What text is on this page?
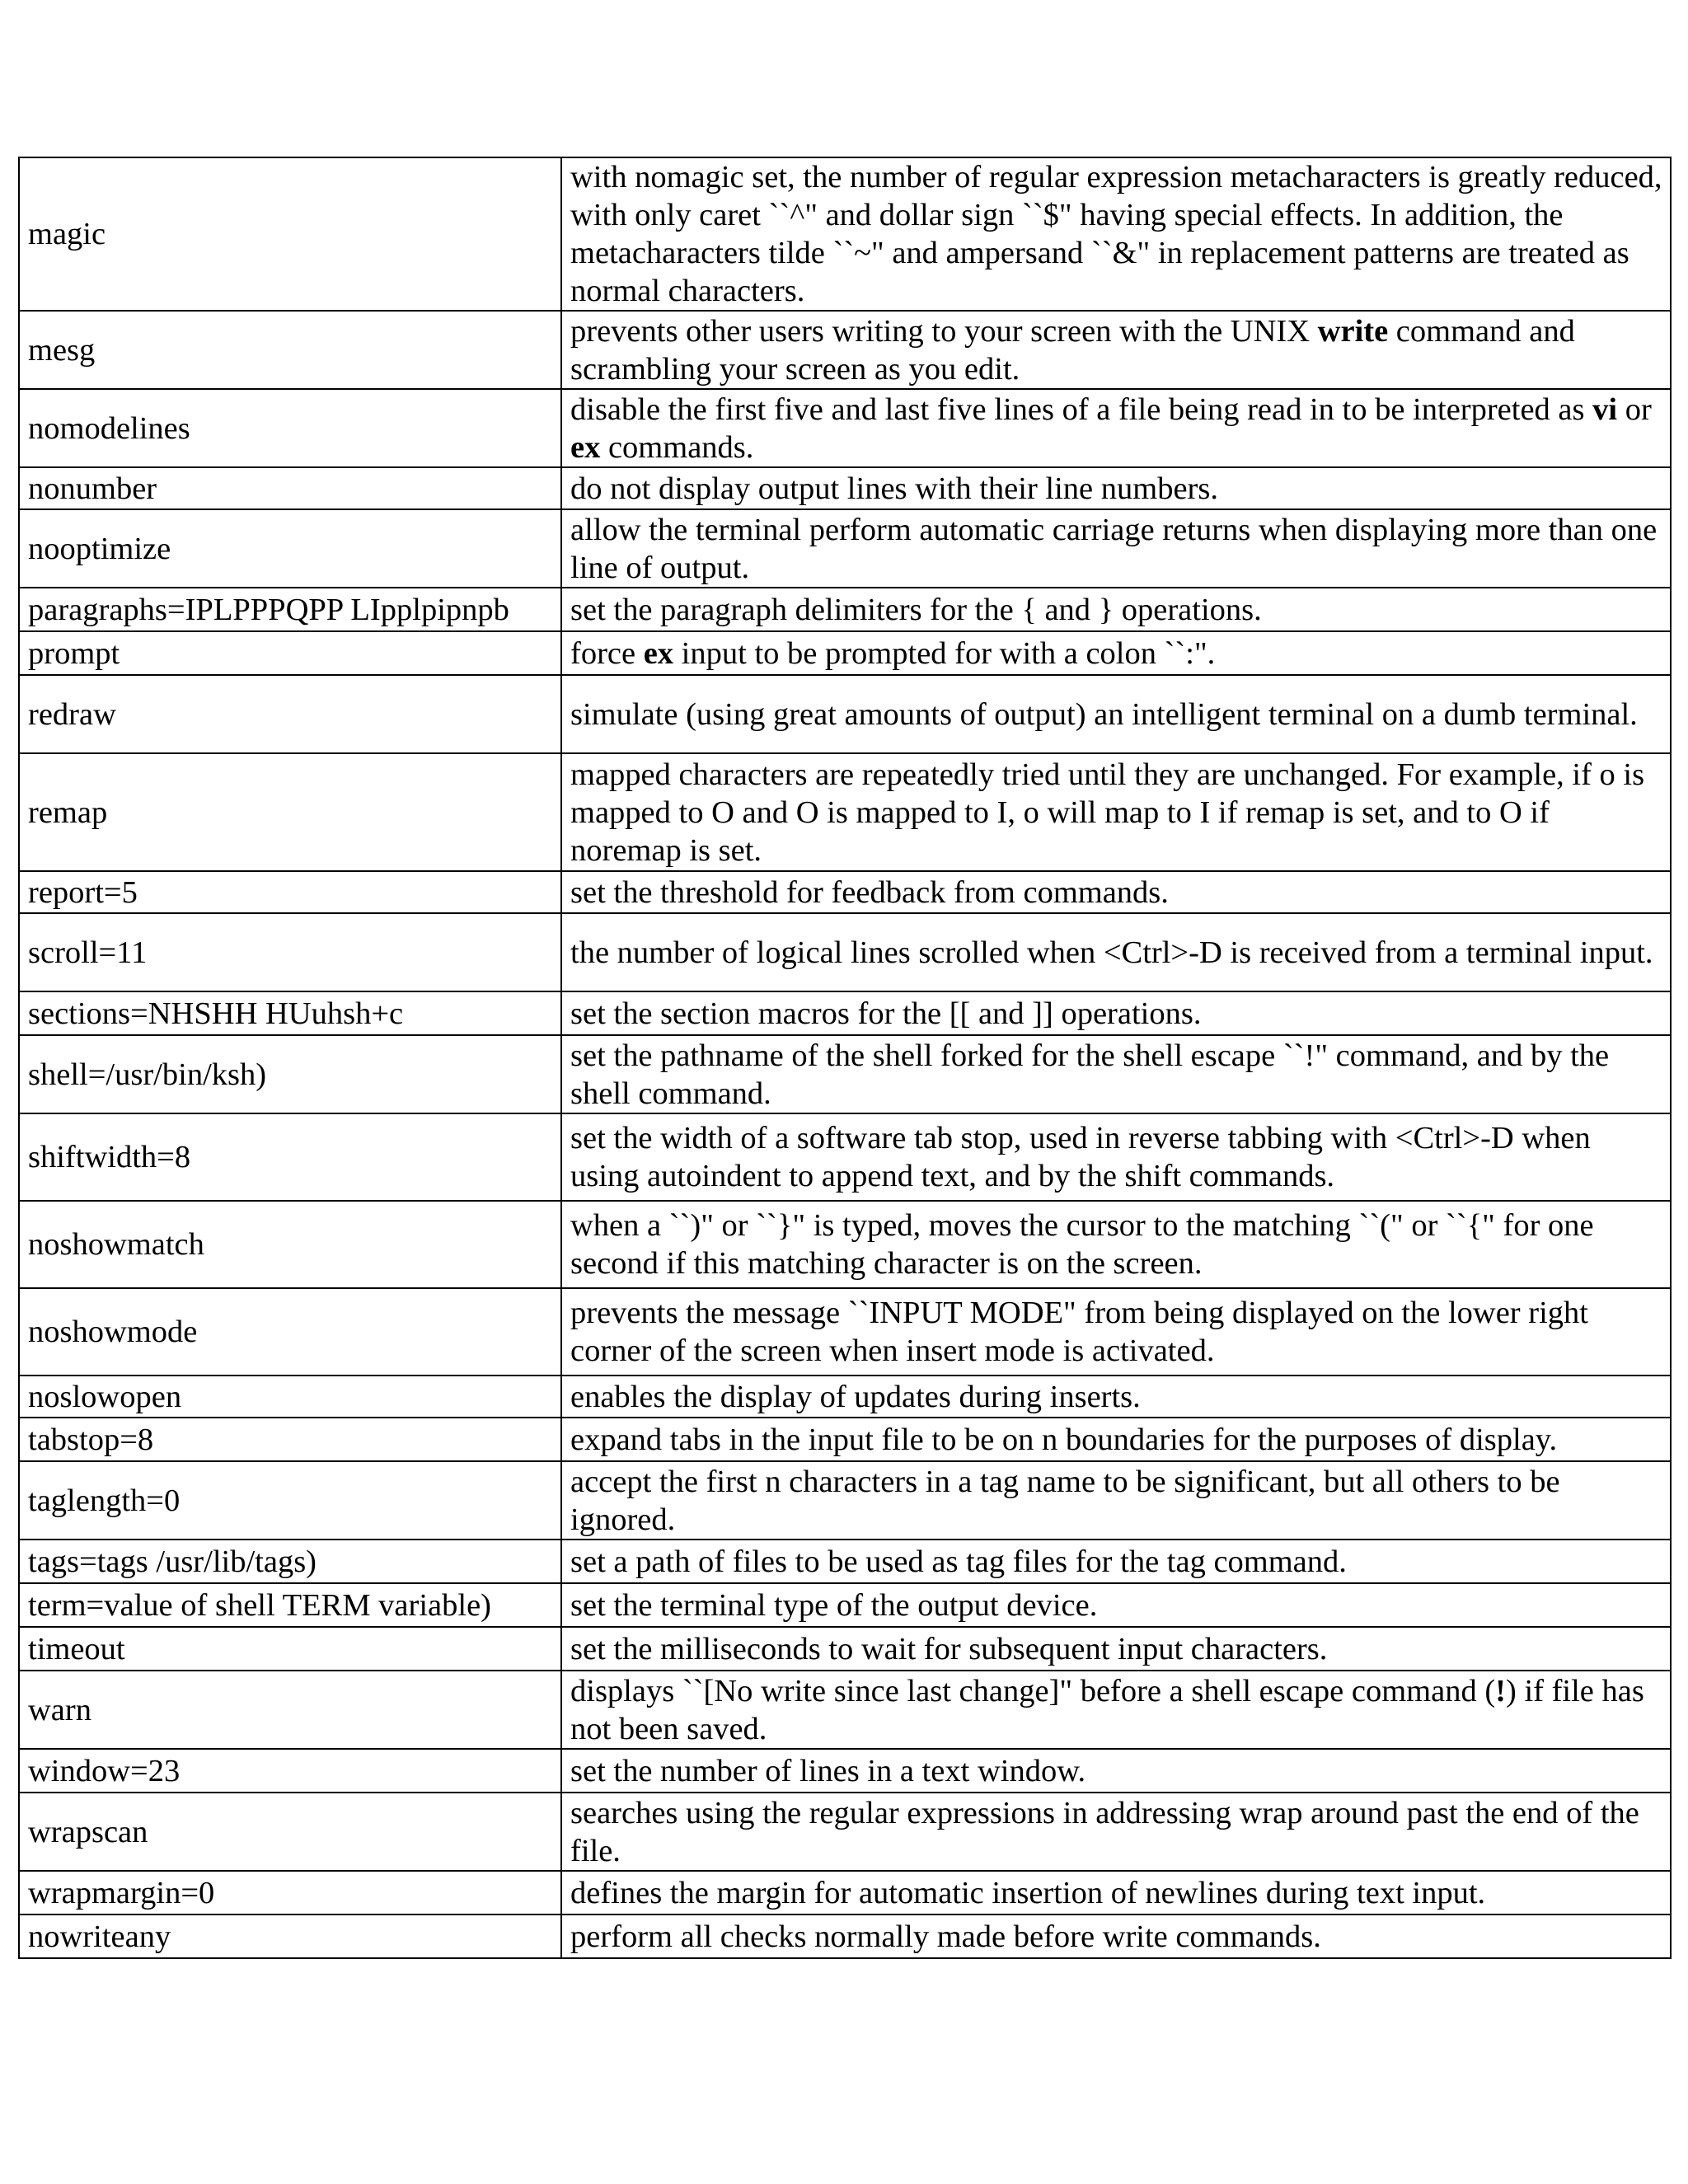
magic	with nomagic set, the number of regular expression metacharacters is greatly reduced, with only caret ``^" and dollar sign ``$" having special effects. In addition, the metacharacters tilde ``~" and ampersand ``&" in replacement patterns are treated as normal characters.
mesg	prevents other users writing to your screen with the UNIX write command and scrambling your screen as you edit.
nomodelines	disable the first five and last five lines of a file being read in to be interpreted as vi or ex commands.
nonumber	do not display output lines with their line numbers.
nooptimize	allow the terminal perform automatic carriage returns when displaying more than one line of output.
paragraphs=IPLPPPQPP LIpplpipnpb	set the paragraph delimiters for the { and } operations.
prompt	force ex input to be prompted for with a colon ``:".
redraw	simulate (using great amounts of output) an intelligent terminal on a dumb terminal.
remap	mapped characters are repeatedly tried until they are unchanged. For example, if o is mapped to O and O is mapped to I, o will map to I if remap is set, and to O if noremap is set.
report=5	set the threshold for feedback from commands.
scroll=11	the number of logical lines scrolled when <Ctrl>-D is received from a terminal input.
sections=NHSHH HUuhsh+c	set the section macros for the [[ and ]] operations.
shell=/usr/bin/ksh)	set the pathname of the shell forked for the shell escape ``!" command, and by the shell command.
shiftwidth=8	set the width of a software tab stop, used in reverse tabbing with <Ctrl>-D when using autoindent to append text, and by the shift commands.
noshowmatch	when a ``)" or ``}" is typed, moves the cursor to the matching ``(" or ``{" for one second if this matching character is on the screen.
noshowmode	prevents the message ``INPUT MODE" from being displayed on the lower right corner of the screen when insert mode is activated.
noslowopen	enables the display of updates during inserts.
tabstop=8	expand tabs in the input file to be on n boundaries for the purposes of display.
taglength=0	accept the first n characters in a tag name to be significant, but all others to be ignored.
tags=tags /usr/lib/tags)	set a path of files to be used as tag files for the tag command.
term=value of shell TERM variable)	set the terminal type of the output device.
timeout	set the milliseconds to wait for subsequent input characters.
warn	displays ``[No write since last change]" before a shell escape command (!) if file has not been saved.
window=23	set the number of lines in a text window.
wrapscan	searches using the regular expressions in addressing wrap around past the end of the file.
wrapmargin=0	defines the margin for automatic insertion of newlines during text input.
nowriteany	perform all checks normally made before write commands.
